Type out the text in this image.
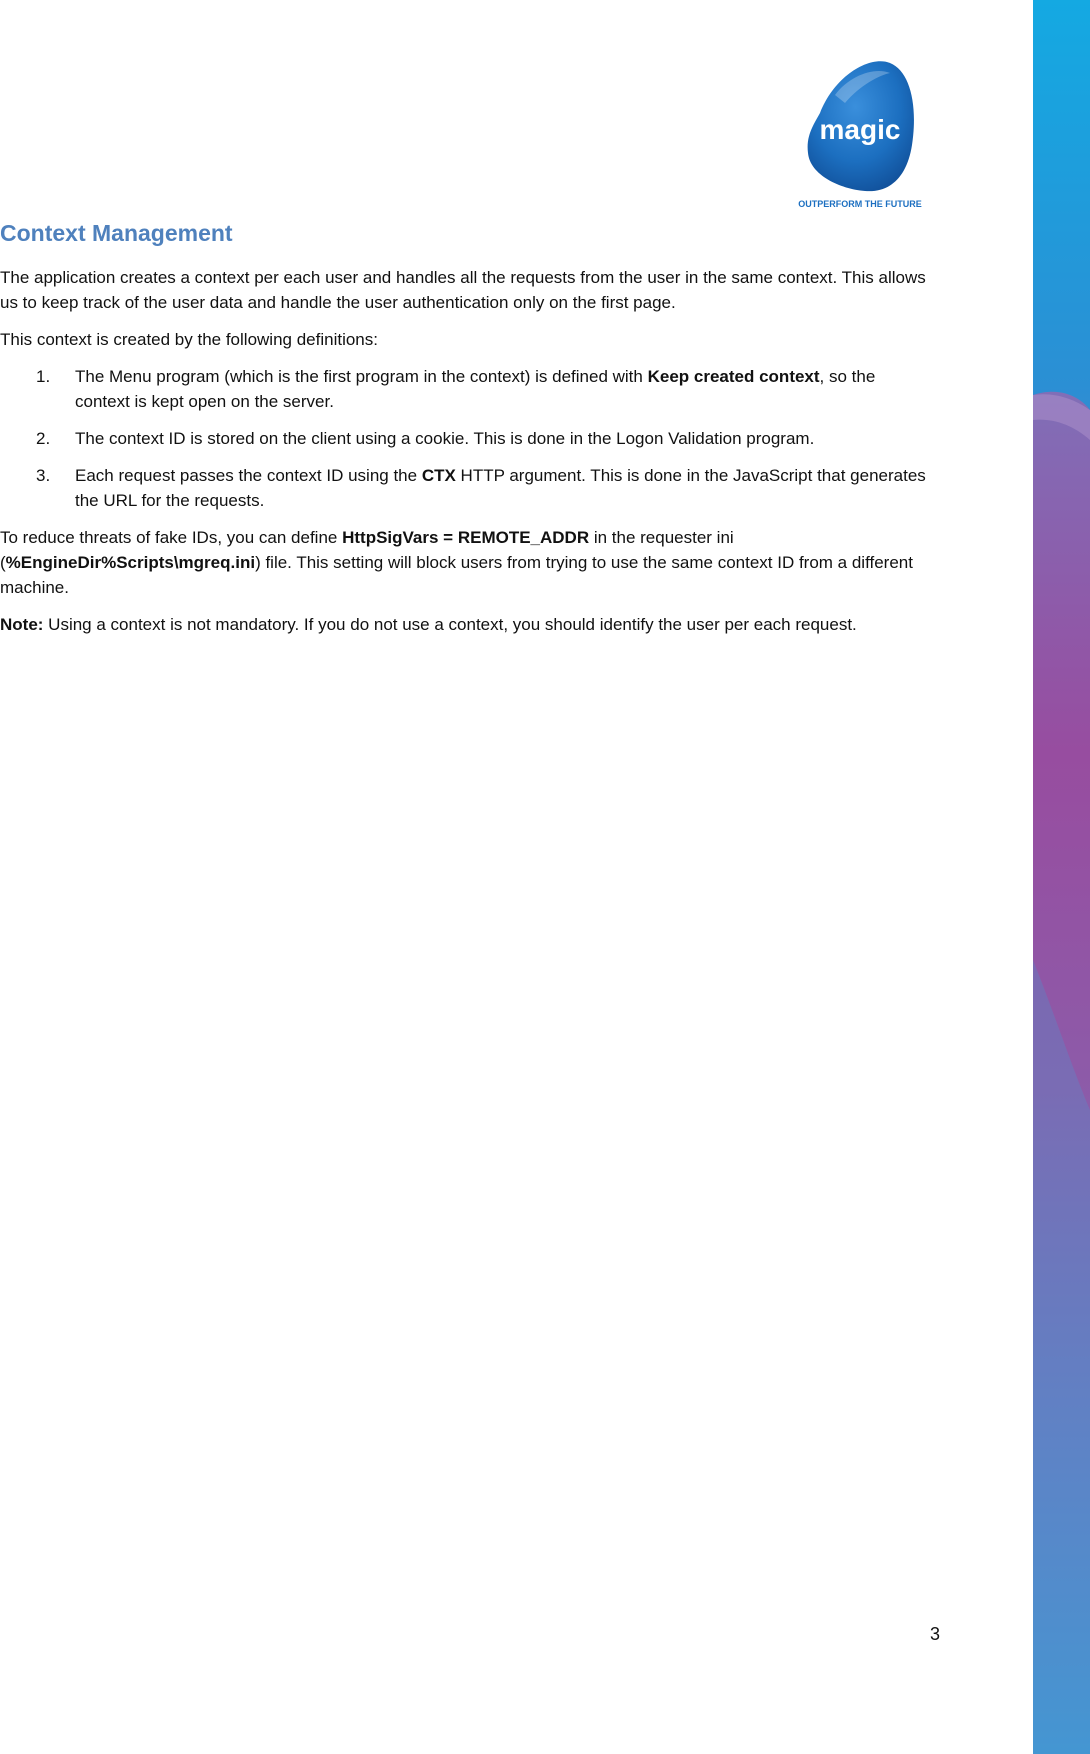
magic
OUTPERFORM THE FUTURE
Context Management

The application creates a context per each user and handles all the requests from the user in the same context. This allows us to keep track of the user data and handle the user authentication only on the first page.

This context is created by the following definitions:

1. The Menu program (which is the first program in the context) is defined with Keep created context, so the context is kept open on the server.
2. The context ID is stored on the client using a cookie. This is done in the Logon Validation program.
3. Each request passes the context ID using the CTX HTTP argument. This is done in the JavaScript that generates the URL for the requests.

To reduce threats of fake IDs, you can define HttpSigVars = REMOTE_ADDR in the requester ini (%EngineDir%Scripts\mgreq.ini) file. This setting will block users from trying to use the same context ID from a different machine.

Note: Using a context is not mandatory. If you do not use a context, you should identify the user per each request.

3
